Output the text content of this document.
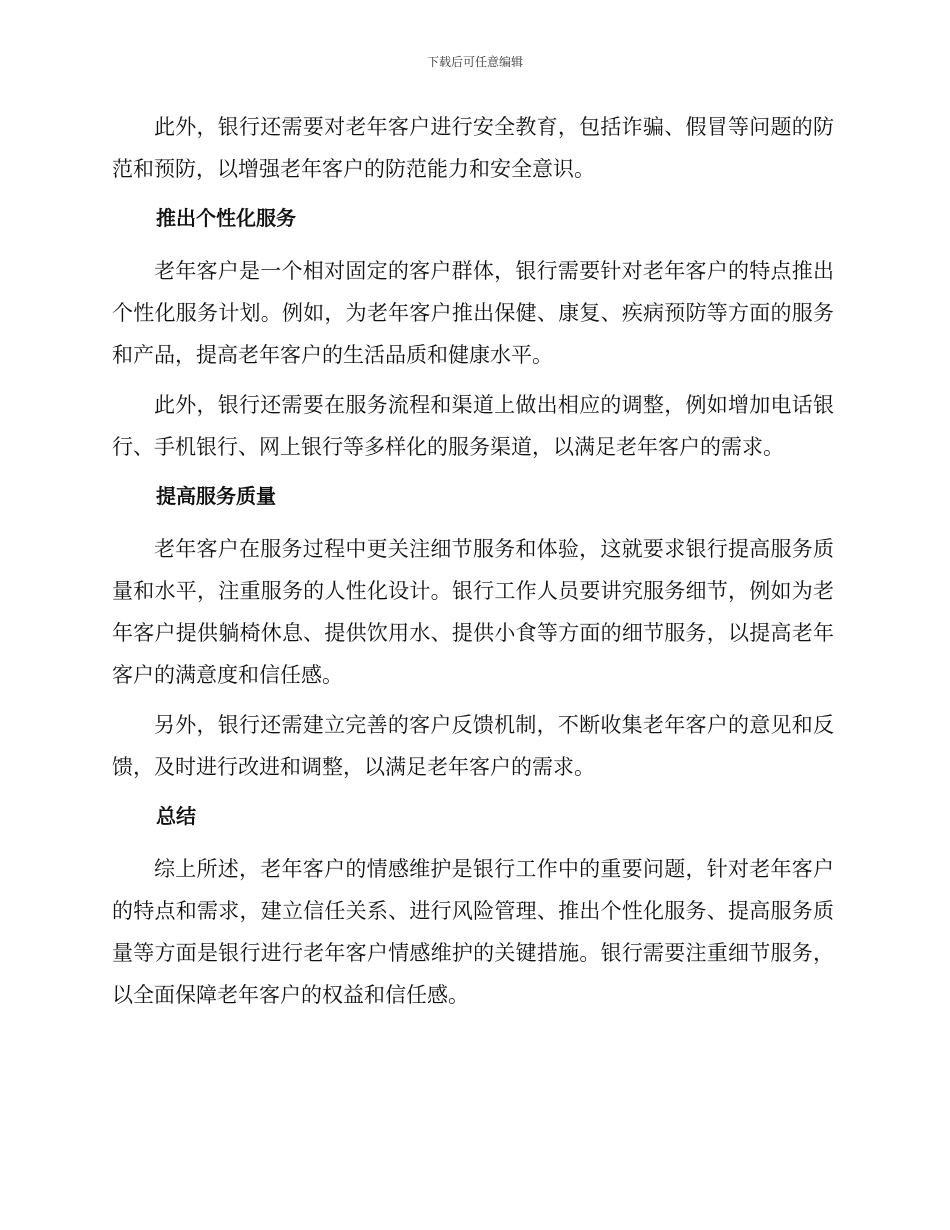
下载后可任意编辑

此外，银行还需要对老年客户进行安全教育，包括诈骗、假冒等问题的防范和预防，以增强老年客户的防范能力和安全意识。

推出个性化服务

老年客户是一个相对固定的客户群体，银行需要针对老年客户的特点推出个性化服务计划。例如，为老年客户推出保健、康复、疾病预防等方面的服务和产品，提高老年客户的生活品质和健康水平。

此外，银行还需要在服务流程和渠道上做出相应的调整，例如增加电话银行、手机银行、网上银行等多样化的服务渠道，以满足老年客户的需求。

提高服务质量

老年客户在服务过程中更关注细节服务和体验，这就要求银行提高服务质量和水平，注重服务的人性化设计。银行工作人员要讲究服务细节，例如为老年客户提供躺椅休息、提供饮用水、提供小食等方面的细节服务，以提高老年客户的满意度和信任感。

另外，银行还需建立完善的客户反馈机制，不断收集老年客户的意见和反馈，及时进行改进和调整，以满足老年客户的需求。

总结

综上所述，老年客户的情感维护是银行工作中的重要问题，针对老年客户的特点和需求，建立信任关系、进行风险管理、推出个性化服务、提高服务质量等方面是银行进行老年客户情感维护的关键措施。银行需要注重细节服务，以全面保障老年客户的权益和信任感。
